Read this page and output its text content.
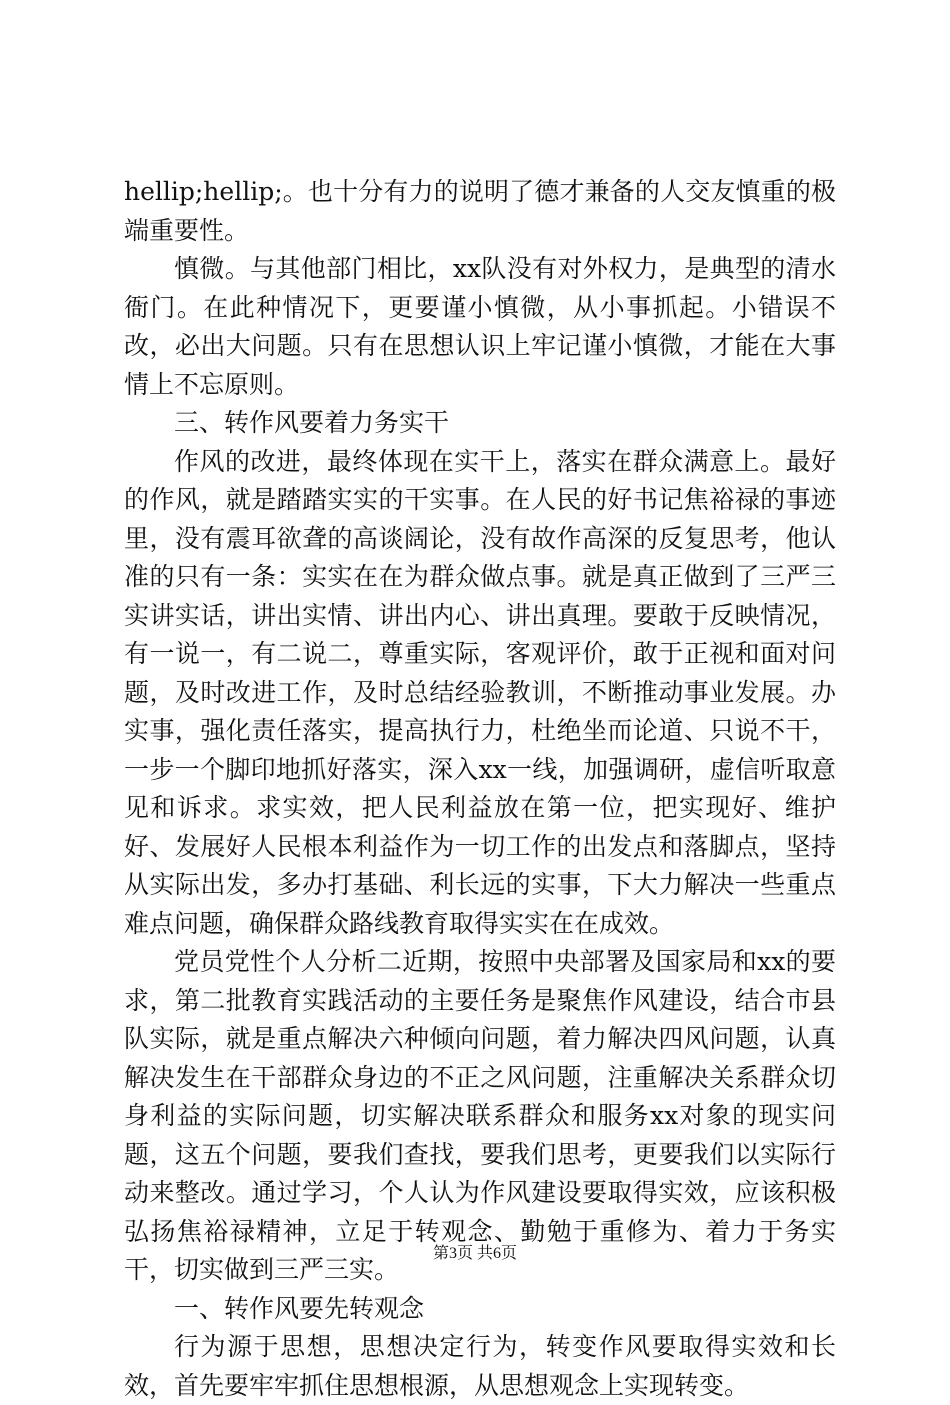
hellip;hellip;。也十分有力的说明了德才兼备的人交友慎重的极端重要性。

慎微。与其他部门相比，xx队没有对外权力，是典型的清水衙门。在此种情况下，更要谨小慎微，从小事抓起。小错误不改，必出大问题。只有在思想认识上牢记谨小慎微，才能在大事情上不忘原则。

三、转作风要着力务实干

作风的改进，最终体现在实干上，落实在群众满意上。最好的作风，就是踏踏实实的干实事。在人民的好书记焦裕禄的事迹里，没有震耳欲聋的高谈阔论，没有故作高深的反复思考，他认准的只有一条：实实在在为群众做点事。就是真正做到了三严三实讲实话，讲出实情、讲出内心、讲出真理。要敢于反映情况，有一说一，有二说二，尊重实际，客观评价，敢于正视和面对问题，及时改进工作，及时总结经验教训，不断推动事业发展。办实事，强化责任落实，提高执行力，杜绝坐而论道、只说不干，一步一个脚印地抓好落实，深入xx一线，加强调研，虚信听取意见和诉求。求实效，把人民利益放在第一位，把实现好、维护好、发展好人民根本利益作为一切工作的出发点和落脚点，坚持从实际出发，多办打基础、利长远的实事，下大力解决一些重点难点问题，确保群众路线教育取得实实在在成效。

党员党性个人分析二近期，按照中央部署及国家局和xx的要求，第二批教育实践活动的主要任务是聚焦作风建设，结合市县队实际，就是重点解决六种倾向问题，着力解决四风问题，认真解决发生在干部群众身边的不正之风问题，注重解决关系群众切身利益的实际问题，切实解决联系群众和服务xx对象的现实问题，这五个问题，要我们查找，要我们思考，更要我们以实际行动来整改。通过学习，个人认为作风建设要取得实效，应该积极弘扬焦裕禄精神，立足于转观念、勤勉于重修为、着力于务实干，切实做到三严三实。

一、转作风要先转观念

行为源于思想，思想决定行为，转变作风要取得实效和长效，首先要牢牢抓住思想根源，从思想观念上实现转变。

第3页 共6页
